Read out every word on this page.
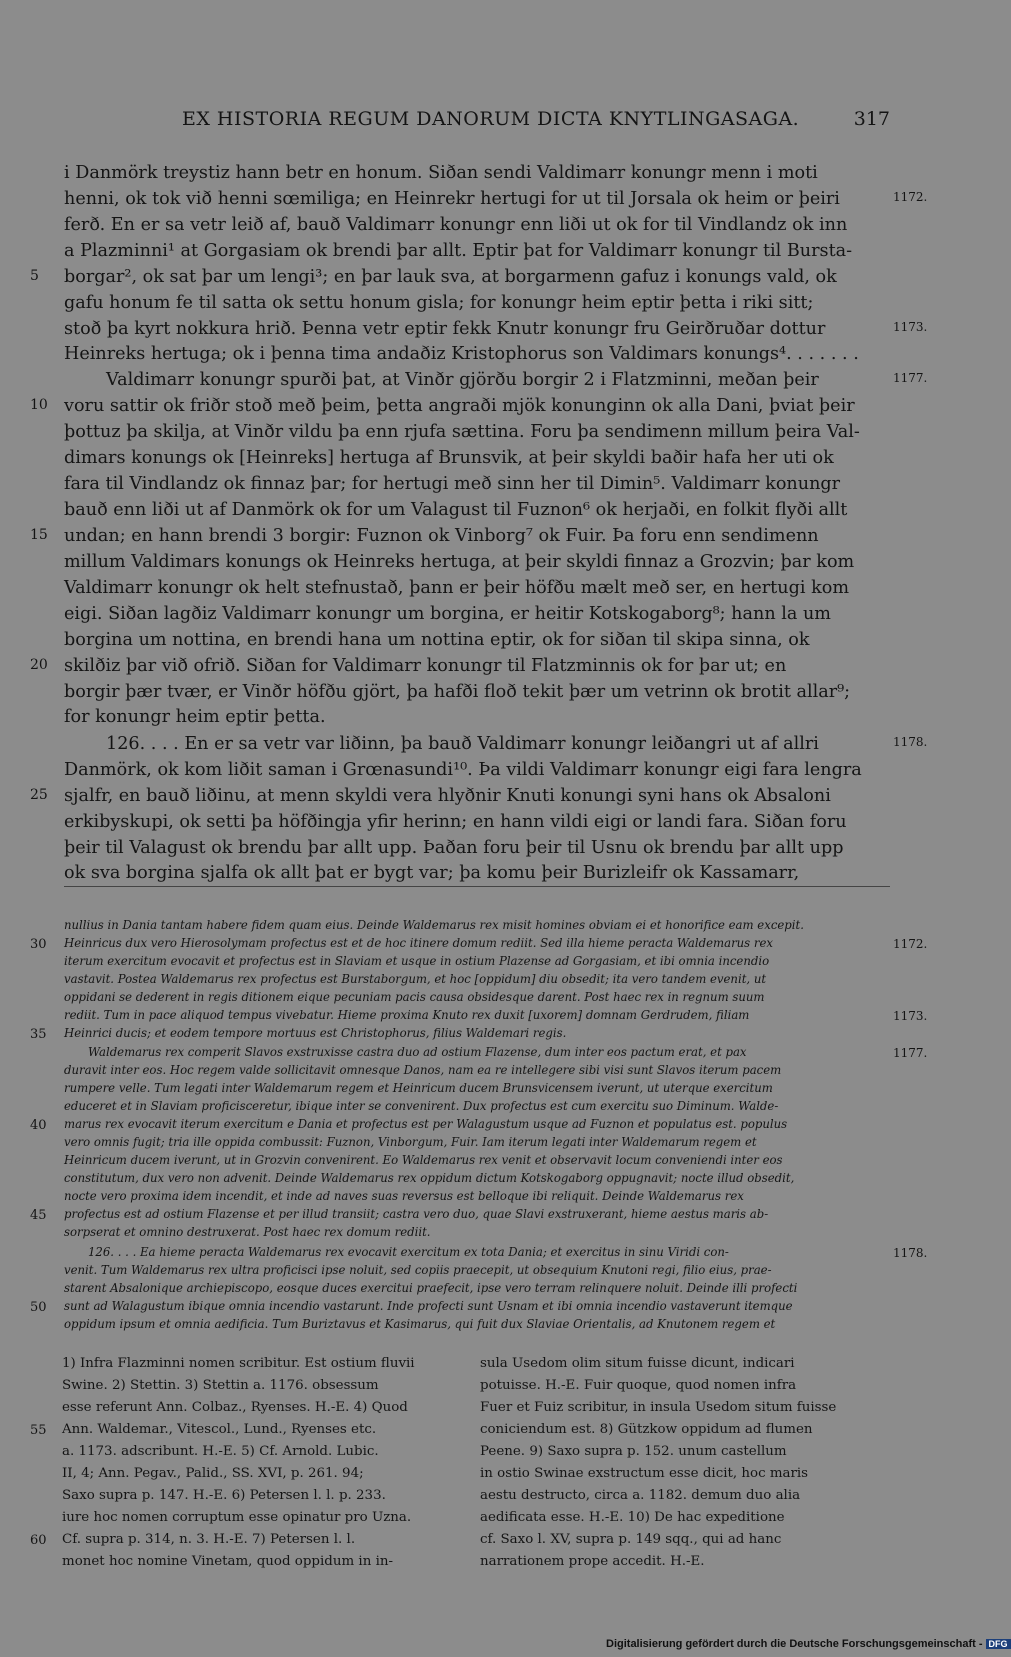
EX HISTORIA REGUM DANORUM DICTA KNYTLINGASAGA.	317
i Danmörk treystiz hann betr en honum. Siðan sendi Valdimarr konungr menn i moti
henni, ok tok við henni sœmiliga; en Heinrekr hertugi for ut til Jorsala ok heim or þeiri
ferð. En er sa vetr leið af, bauð Valdimarr konungr enn liði ut ok for til Vindlandz ok inn
a Plazminni¹ at Gorgasiam ok brendi þar allt. Eptir þat for Valdimarr konungr til Bursta-
borgar², ok sat þar um lengi³; en þar lauk sva, at borgarmenn gafuz i konungs vald, ok
gafu honum fe til satta ok settu honum gisla; for konungr heim eptir þetta i riki sitt;
stoð þa kyrt nokkura hrið. Þenna vetr eptir fekk Knutr konungr fru Geirðruðar dottur
Heinreks hertuga; ok i þenna tima andaðiz Kristophorus son Valdimars konungs⁴. . . . . . .
Valdimarr konungr spurði þat, at Vinðr gjörðu borgir 2 i Flatzminni, meðan þeir
voru sattir ok friðr stoð með þeim, þetta angraði mjök konunginn ok alla Dani, þviat þeir
þottuz þa skilja, at Vinðr vildu þa enn rjufa sættina. Foru þa sendimenn millum þeira Val-
dimars konungs ok [Heinreks] hertuga af Brunsvik, at þeir skyldi baðir hafa her uti ok
fara til Vindlandz ok finnaz þar; for hertugi með sinn her til Dimin⁵. Valdimarr konungr
bauð enn liði ut af Danmörk ok for um Valagust til Fuznon⁶ ok herjaði, en folkit flyði allt
undan; en hann brendi 3 borgir: Fuznon ok Vinborg⁷ ok Fuir. Þa foru enn sendimenn
millum Valdimars konungs ok Heinreks hertuga, at þeir skyldi finnaz a Grozvin; þar kom
Valdimarr konungr ok helt stefnustað, þann er þeir höfðu mælt með ser, en hertugi kom
eigi. Siðan lagðiz Valdimarr konungr um borgina, er heitir Kotskogaborg⁸; hann la um
borgina um nottina, en brendi hana um nottina eptir, ok for siðan til skipa sinna, ok
skilðiz þar við ofrið. Siðan for Valdimarr konungr til Flatzminnis ok for þar ut; en
borgir þær tvær, er Vinðr höfðu gjört, þa hafði floð tekit þær um vetrinn ok brotit allar⁹;
for konungr heim eptir þetta.
126. . . . En er sa vetr var liðinn, þa bauð Valdimarr konungr leiðangri ut af allri
Danmörk, ok kom liðit saman i Grœnasundi¹⁰. Þa vildi Valdimarr konungr eigi fara lengra
sjalfr, en bauð liðinu, at menn skyldi vera hlyðnir Knuti konungi syni hans ok Absaloni
erkibyskupi, ok setti þa höfðingja yfir herinn; en hann vildi eigi or landi fara. Siðan foru
þeir til Valagust ok brendu þar allt upp. Þaðan foru þeir til Usnu ok brendu þar allt upp
ok sva borgina sjalfa ok allt þat er bygt var; þa komu þeir Burizleifr ok Kassamarr,
5
10
15
20
25
1172.
1173.
1177.
1178.
nullius in Dania tantam habere fidem quam eius. Deinde Waldemarus rex misit homines obviam ei et honorifice eam excepit.
Heinricus dux vero Hierosolymam profectus est et de hoc itinere domum rediit. Sed illa hieme peracta Waldemarus rex
iterum exercitum evocavit et profectus est in Slaviam et usque in ostium Plazense ad Gorgasiam, et ibi omnia incendio
vastavit. Postea Waldemarus rex profectus est Burstaborgum, et hoc [oppidum] diu obsedit; ita vero tandem evenit, ut
oppidani se dederent in regis ditionem eique pecuniam pacis causa obsidesque darent. Post haec rex in regnum suum
rediit. Tum in pace aliquod tempus vivebatur. Hieme proxima Knuto rex duxit [uxorem] domnam Gerdrudem, filiam
Heinrici ducis; et eodem tempore mortuus est Christophorus, filius Waldemari regis.
Waldemarus rex comperit Slavos exstruxisse castra duo ad ostium Flazense, dum inter eos pactum erat, et pax
duravit inter eos. Hoc regem valde sollicitavit omnesque Danos, nam ea re intellegere sibi visi sunt Slavos iterum pacem
rumpere velle. Tum legati inter Waldemarum regem et Heinricum ducem Brunsvicensem iverunt, ut uterque exercitum
educeret et in Slaviam proficisceretur, ibique inter se convenirent. Dux profectus est cum exercitu suo Diminum. Walde-
marus rex evocavit iterum exercitum e Dania et profectus est per Walagustum usque ad Fuznon et populatus est. populus
vero omnis fugit; tria ille oppida combussit: Fuznon, Vinborgum, Fuir. Iam iterum legati inter Waldemarum regem et
Heinricum ducem iverunt, ut in Grozvin convenirent. Eo Waldemarus rex venit et observavit locum conveniendi inter eos
constitutum, dux vero non advenit. Deinde Waldemarus rex oppidum dictum Kotskogaborg oppugnavit; nocte illud obsedit,
nocte vero proxima idem incendit, et inde ad naves suas reversus est belloque ibi reliquit. Deinde Waldemarus rex
profectus est ad ostium Flazense et per illud transiit; castra vero duo, quae Slavi exstruxerant, hieme aestus maris ab-
sorpserat et omnino destruxerat. Post haec rex domum rediit.
126. . . . Ea hieme peracta Waldemarus rex evocavit exercitum ex tota Dania; et exercitus in sinu Viridi con-
venit. Tum Waldemarus rex ultra proficisci ipse noluit, sed copiis praecepit, ut obsequium Knutoni regi, filio eius, prae-
starent Absalonique archiepiscopo, eosque duces exercitui praefecit, ipse vero terram relinquere noluit. Deinde illi profecti
sunt ad Walagustum ibique omnia incendio vastarunt. Inde profecti sunt Usnam et ibi omnia incendio vastaverunt itemque
oppidum ipsum et omnia aedificia. Tum Buriztavus et Kasimarus, qui fuit dux Slaviae Orientalis, ad Knutonem regem et
30
35
40
45
50
1172.
1173.
1177.
1178.
1) Infra Flazminni nomen scribitur. Est ostium fluvii
Swine. 2) Stettin. 3) Stettin a. 1176. obsessum
esse referunt Ann. Colbaz., Ryenses. H.-E. 4) Quod
Ann. Waldemar., Vitescol., Lund., Ryenses etc.
a. 1173. adscribunt. H.-E. 5) Cf. Arnold. Lubic.
II, 4; Ann. Pegav., Palid., SS. XVI, p. 261. 94;
Saxo supra p. 147. H.-E. 6) Petersen l. l. p. 233.
iure hoc nomen corruptum esse opinatur pro Uzna.
Cf. supra p. 314, n. 3. H.-E. 7) Petersen l. l.
monet hoc nomine Vinetam, quod oppidum in in-
sula Usedom olim situm fuisse dicunt, indicari
potuisse. H.-E. Fuir quoque, quod nomen infra
Fuer et Fuiz scribitur, in insula Usedom situm fuisse
coniciendum est. 8) Gützkow oppidum ad flumen
Peene. 9) Saxo supra p. 152. unum castellum
in ostio Swinae exstructum esse dicit, hoc maris
aestu destructo, circa a. 1182. demum duo alia
aedificata esse. H.-E. 10) De hac expeditione
cf. Saxo l. XV, supra p. 149 sqq., qui ad hanc
narrationem prope accedit. H.-E.
55
60
Digitalisierung gefördert durch die Deutsche Forschungsgemeinschaft - DFG
